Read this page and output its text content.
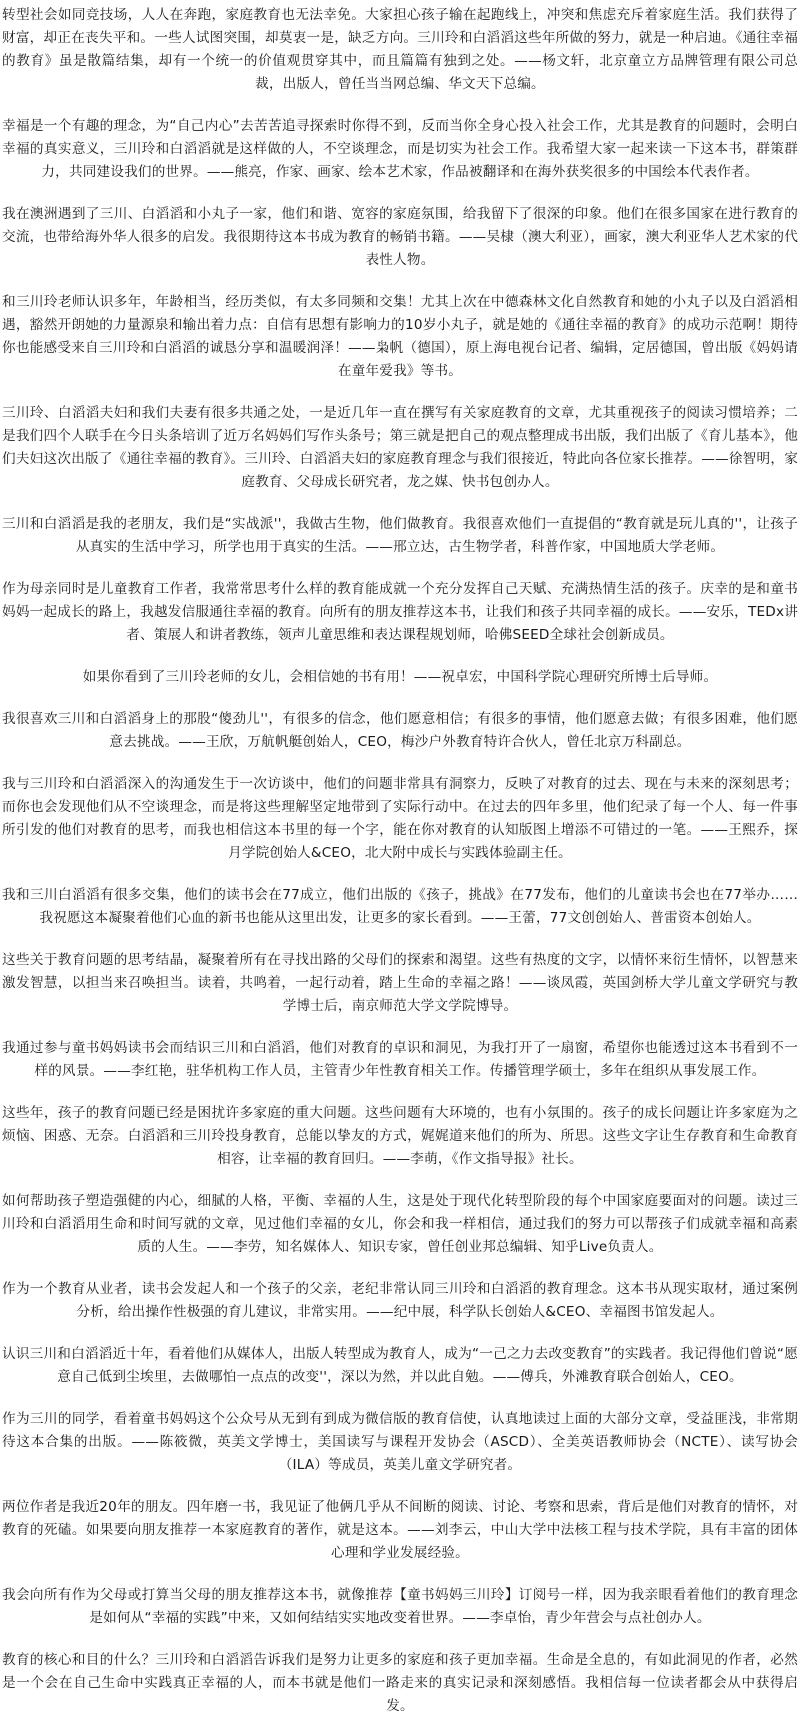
转型社会如同竞技场，人人在奔跑，家庭教育也无法幸免。大家担心孩子输在起跑线上，冲突和焦虑充斥着家庭生活。我们获得了财富，却正在丧失平和。一些人试图突围，却莫衷一是，缺乏方向。三川玲和白滔滔这些年所做的努力，就是一种启迪。《通往幸福的教育》虽是散篇结集，却有一个统一的价值观贯穿其中，而且篇篇有独到之处。——杨文轩，北京童立方品牌管理有限公司总裁，出版人，曾任当当网总编、华文天下总编。

幸福是一个有趣的理念，为“自己内心”去苦苦追寻探索时你得不到，反而当你全身心投入社会工作，尤其是教育的问题时，会明白幸福的真实意义，三川玲和白滔滔就是这样做的人，不空谈理念，而是切实为社会工作。我希望大家一起来读一下这本书，群策群力，共同建设我们的世界。——熊亮，作家、画家、绘本艺术家，作品被翻译和在海外获奖很多的中国绘本代表作者。

我在澳洲遇到了三川、白滔滔和小丸子一家，他们和谐、宽容的家庭氛围，给我留下了很深的印象。他们在很多国家在进行教育的交流，也带给海外华人很多的启发。我很期待这本书成为教育的畅销书籍。——吴棣（澳大利亚），画家，澳大利亚华人艺术家的代表性人物。

和三川玲老师认识多年，年龄相当，经历类似，有太多同频和交集！尤其上次在中德森林文化自然教育和她的小丸子以及白滔滔相遇，豁然开朗她的力量源泉和输出着力点：自信有思想有影响力的10岁小丸子，就是她的《通往幸福的教育》的成功示范啊！期待你也能感受来自三川玲和白滔滔的诚恳分享和温暖润泽！——枭帆（德国），原上海电视台记者、编辑，定居德国，曾出版《妈妈请在童年爱我》等书。

三川玲、白滔滔夫妇和我们夫妻有很多共通之处，一是近几年一直在撰写有关家庭教育的文章，尤其重视孩子的阅读习惯培养；二是我们四个人联手在今日头条培训了近万名妈妈们写作头条号；第三就是把自己的观点整理成书出版，我们出版了《育儿基本》，他们夫妇这次出版了《通往幸福的教育》。三川玲、白滔滔夫妇的家庭教育理念与我们很接近，特此向各位家长推荐。——徐智明，家庭教育、父母成长研究者，龙之媒、快书包创办人。

三川和白滔滔是我的老朋友，我们是“实战派''，我做古生物，他们做教育。我很喜欢他们一直提倡的“教育就是玩儿真的''，让孩子从真实的生活中学习，所学也用于真实的生活。——邢立达，古生物学者，科普作家，中国地质大学老师。

作为母亲同时是儿童教育工作者，我常常思考什么样的教育能成就一个充分发挥自己天赋、充满热情生活的孩子。庆幸的是和童书妈妈一起成长的路上，我越发信服通往幸福的教育。向所有的朋友推荐这本书，让我们和孩子共同幸福的成长。——安乐，TEDx讲者、策展人和讲者教练，领声儿童思维和表达课程规划师，哈佛SEED全球社会创新成员。

如果你看到了三川玲老师的女儿，会相信她的书有用！——祝卓宏，中国科学院心理研究所博士后导师。

我很喜欢三川和白滔滔身上的那股“傻劲儿''，有很多的信念，他们愿意相信；有很多的事情，他们愿意去做；有很多困难，他们愿意去挑战。——王欣，万航帆艇创始人，CEO，梅沙户外教育特许合伙人，曾任北京万科副总。

我与三川玲和白滔滔深入的沟通发生于一次访谈中，他们的问题非常具有洞察力，反映了对教育的过去、现在与未来的深刻思考；而你也会发现他们从不空谈理念，而是将这些理解坚定地带到了实际行动中。在过去的四年多里，他们纪录了每一个人、每一件事所引发的他们对教育的思考，而我也相信这本书里的每一个字，能在你对教育的认知版图上增添不可错过的一笔。——王熙乔，探月学院创始人&CEO，北大附中成长与实践体验副主任。

我和三川白滔滔有很多交集，他们的读书会在77成立，他们出版的《孩子，挑战》在77发布，他们的儿童读书会也在77举办……我祝愿这本凝聚着他们心血的新书也能从这里出发，让更多的家长看到。——王蕾，77文创创始人、普雷资本创始人。

这些关于教育问题的思考结晶，凝聚着所有在寻找出路的父母们的探索和渴望。这些有热度的文字，以情怀来衍生情怀，以智慧来激发智慧，以担当来召唤担当。读着，共鸣着，一起行动着，踏上生命的幸福之路！——谈凤霞，英国剑桥大学儿童文学研究与教学博士后，南京师范大学文学院博导。

我通过参与童书妈妈读书会而结识三川和白滔滔，他们对教育的卓识和洞见，为我打开了一扇窗，希望你也能透过这本书看到不一样的风景。——李红艳，驻华机构工作人员，主管青少年性教育相关工作。传播管理学硕士，多年在组织从事发展工作。

这些年，孩子的教育问题已经是困扰许多家庭的重大问题。这些问题有大环境的，也有小氛围的。孩子的成长问题让许多家庭为之烦恼、困惑、无奈。白滔滔和三川玲投身教育，总能以挚友的方式，娓娓道来他们的所为、所思。这些文字让生存教育和生命教育相容，让幸福的教育回归。——李萌，《作文指导报》社长。

如何帮助孩子塑造强健的内心，细腻的人格，平衡、幸福的人生，这是处于现代化转型阶段的每个中国家庭要面对的问题。读过三川玲和白滔滔用生命和时间写就的文章，见过他们幸福的女儿，你会和我一样相信，通过我们的努力可以帮孩子们成就幸福和高素质的人生。——李劳，知名媒体人、知识专家，曾任创业邦总编辑、知乎Live负责人。

作为一个教育从业者，读书会发起人和一个孩子的父亲，老纪非常认同三川玲和白滔滔的教育理念。这本书从现实取材，通过案例分析，给出操作性极强的育儿建议，非常实用。——纪中展，科学队长创始人&CEO、幸福图书馆发起人。

认识三川和白滔滔近十年，看着他们从媒体人，出版人转型成为教育人，成为“一己之力去改变教育”的实践者。我记得他们曾说“愿意自己低到尘埃里，去做哪怕一点点的改变''，深以为然，并以此自勉。——傅兵，外滩教育联合创始人，CEO。

作为三川的同学，看着童书妈妈这个公众号从无到有到成为微信版的教育信使，认真地读过上面的大部分文章，受益匪浅，非常期待这本合集的出版。——陈筱微，英美文学博士，美国读写与课程开发协会（ASCD）、全美英语教师协会（NCTE）、读写协会（ILA）等成员，英美儿童文学研究者。

两位作者是我近20年的朋友。四年磨一书，我见证了他俩几乎从不间断的阅读、讨论、考察和思索，背后是他们对教育的情怀，对教育的死磕。如果要向朋友推荐一本家庭教育的著作，就是这本。——刘李云，中山大学中法核工程与技术学院，具有丰富的团体心理和学业发展经验。

我会向所有作为父母或打算当父母的朋友推荐这本书，就像推荐【童书妈妈三川玲】订阅号一样，因为我亲眼看着他们的教育理念是如何从“幸福的实践”中来，又如何结结实实地改变着世界。——李卓怡，青少年营会与点社创办人。

教育的核心和目的什么？三川玲和白滔滔告诉我们是努力让更多的家庭和孩子更加幸福。生命是全息的，有如此洞见的作者，必然是一个会在自己生命中实践真正幸福的人，而本书就是他们一路走来的真实记录和深刻感悟。我相信每一位读者都会从中获得启发。
